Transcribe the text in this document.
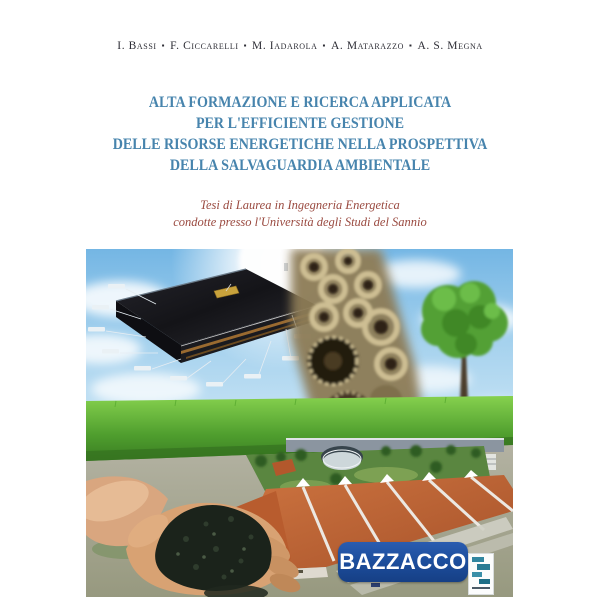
I. Bassi ▪ F. Ciccarelli ▪ M. Iadarola ▪ A. Matarazzo ▪ A. S. Megna
ALTA FORMAZIONE E RICERCA APPLICATA
PER L'EFFICIENTE GESTIONE
DELLE RISORSE ENERGETICHE NELLA PROSPETTIVA
DELLA SALVAGUARDIA AMBIENTALE
Tesi di Laurea in Ingegneria Energetica
condotte presso l'Università degli Studi del Sannio
BAZZACCO
